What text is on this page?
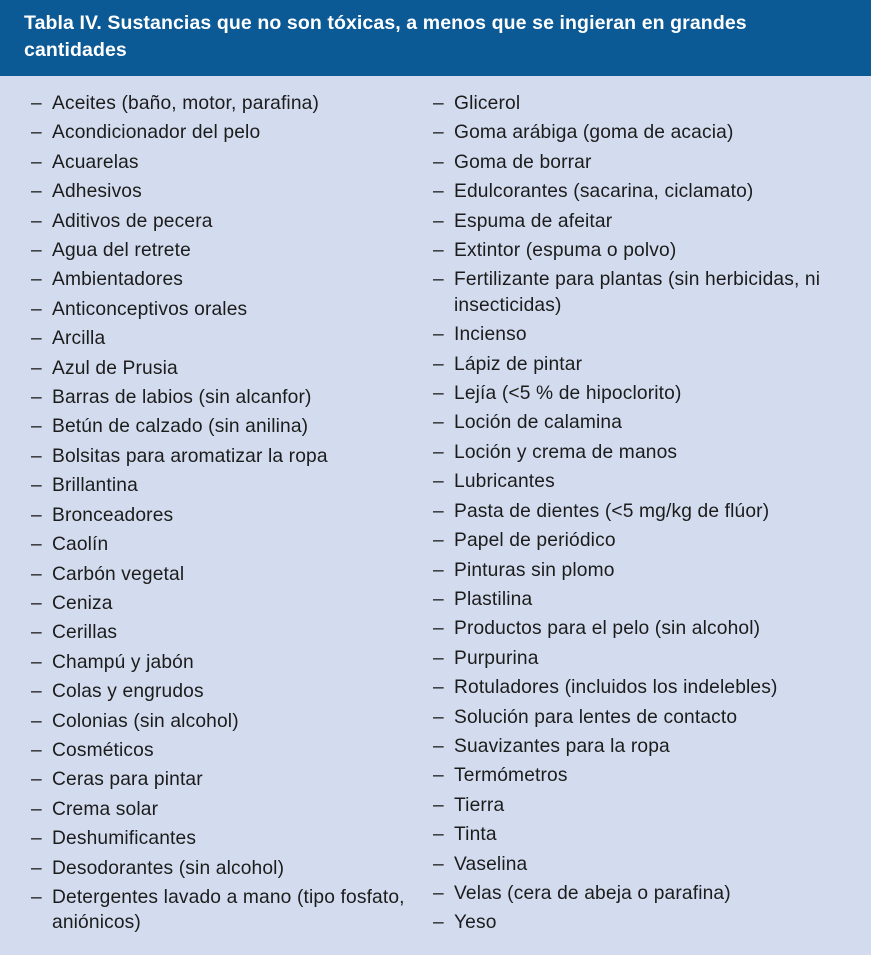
Tabla IV. Sustancias que no son tóxicas, a menos que se ingieran en grandes cantidades
– Aceites (baño, motor, parafina)
– Acondicionador del pelo
– Acuarelas
– Adhesivos
– Aditivos de pecera
– Agua del retrete
– Ambientadores
– Anticonceptivos orales
– Arcilla
– Azul de Prusia
– Barras de labios (sin alcanfor)
– Betún de calzado (sin anilina)
– Bolsitas para aromatizar la ropa
– Brillantina
– Bronceadores
– Caolín
– Carbón vegetal
– Ceniza
– Cerillas
– Champú y jabón
– Colas y engrudos
– Colonias (sin alcohol)
– Cosméticos
– Ceras para pintar
– Crema solar
– Deshumificantes
– Desodorantes (sin alcohol)
– Detergentes lavado a mano (tipo fosfato, aniónicos)
– Glicerol
– Goma arábiga (goma de acacia)
– Goma de borrar
– Edulcorantes (sacarina, ciclamato)
– Espuma de afeitar
– Extintor (espuma o polvo)
– Fertilizante para plantas (sin herbicidas, ni insecticidas)
– Incienso
– Lápiz de pintar
– Lejía (<5 % de hipoclorito)
– Loción de calamina
– Loción y crema de manos
– Lubricantes
– Pasta de dientes (<5 mg/kg de flúor)
– Papel de periódico
– Pinturas sin plomo
– Plastilina
– Productos para el pelo (sin alcohol)
– Purpurina
– Rotuladores (incluidos los indelebles)
– Solución para lentes de contacto
– Suavizantes para la ropa
– Termómetros
– Tierra
– Tinta
– Vaselina
– Velas (cera de abeja o parafina)
– Yeso
